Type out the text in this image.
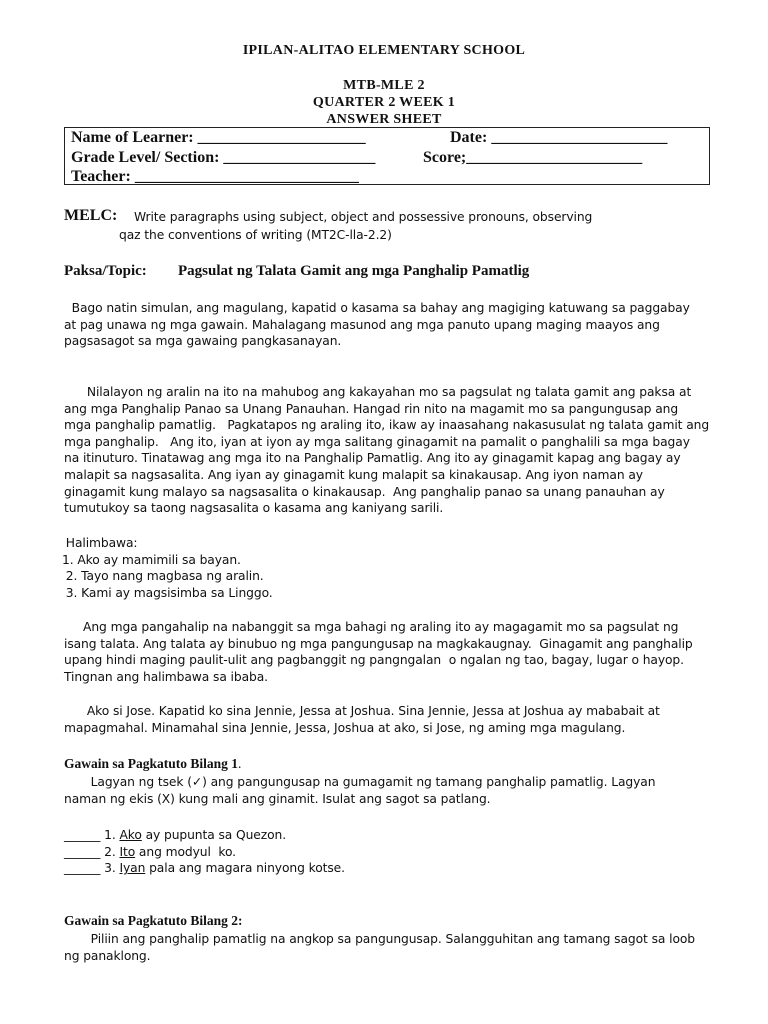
IPILAN-ALITAO ELEMENTARY SCHOOL
MTB-MLE 2
QUARTER 2 WEEK 1
ANSWER SHEET
Name of Learner: _____________________	Date: ______________________
Grade Level/ Section: ___________________	Score;______________________
Teacher: ____________________________
MELC: Write paragraphs using subject, object and possessive pronouns, observing
qaz the conventions of writing (MT2C-lla-2.2)
Paksa/Topic: Pagsulat ng Talata Gamit ang mga Panghalip Pamatlig
Bago natin simulan, ang magulang, kapatid o kasama sa bahay ang magiging katuwang sa paggabay
at pag unawa ng mga gawain. Mahalagang masunod ang mga panuto upang maging maayos ang
pagsasagot sa mga gawaing pangkasanayan.
Nilalayon ng aralin na ito na mahubog ang kakayahan mo sa pagsulat ng talata gamit ang paksa at
ang mga Panghalip Panao sa Unang Panauhan. Hangad rin nito na magamit mo sa pangungusap ang
mga panghalip pamatlig.   Pagkatapos ng araling ito, ikaw ay inaasahang nakasusulat ng talata gamit ang
mga panghalip.   Ang ito, iyan at iyon ay mga salitang ginagamit na pamalit o panghalili sa mga bagay
na itinuturo. Tinatawag ang mga ito na Panghalip Pamatlig. Ang ito ay ginagamit kapag ang bagay ay
malapit sa nagsasalita. Ang iyan ay ginagamit kung malapit sa kinakausap. Ang iyon naman ay
ginagamit kung malayo sa nagsasalita o kinakausap.  Ang panghalip panao sa unang panauhan ay
tumutukoy sa taong nagsasalita o kasama ang kaniyang sarili.
Halimbawa:
1. Ako ay mamimili sa bayan.
2. Tayo nang magbasa ng aralin.
3. Kami ay magsisimba sa Linggo.
Ang mga pangahalip na nabanggit sa mga bahagi ng araling ito ay magagamit mo sa pagsulat ng
isang talata. Ang talata ay binubuo ng mga pangungusap na magkakaugnay.  Ginagamit ang panghalip
upang hindi maging paulit-ulit ang pagbanggit ng pangngalan  o ngalan ng tao, bagay, lugar o hayop.
Tingnan ang halimbawa sa ibaba.
Ako si Jose. Kapatid ko sina Jennie, Jessa at Joshua. Sina Jennie, Jessa at Joshua ay mababait at
mapagmahal. Minamahal sina Jennie, Jessa, Joshua at ako, si Jose, ng aming mga magulang.
Gawain sa Pagkatuto Bilang 1.
Lagyan ng tsek (✓) ang pangungusap na gumagamit ng tamang panghalip pamatlig. Lagyan
naman ng ekis (X) kung mali ang ginamit. Isulat ang sagot sa patlang.
______ 1. Ako ay pupunta sa Quezon.
______ 2. Ito ang modyul  ko.
______ 3. Iyan pala ang magara ninyong kotse.
Gawain sa Pagkatuto Bilang 2:
Piliin ang panghalip pamatlig na angkop sa pangungusap. Salangguhitan ang tamang sagot sa loob
ng panaklong.
